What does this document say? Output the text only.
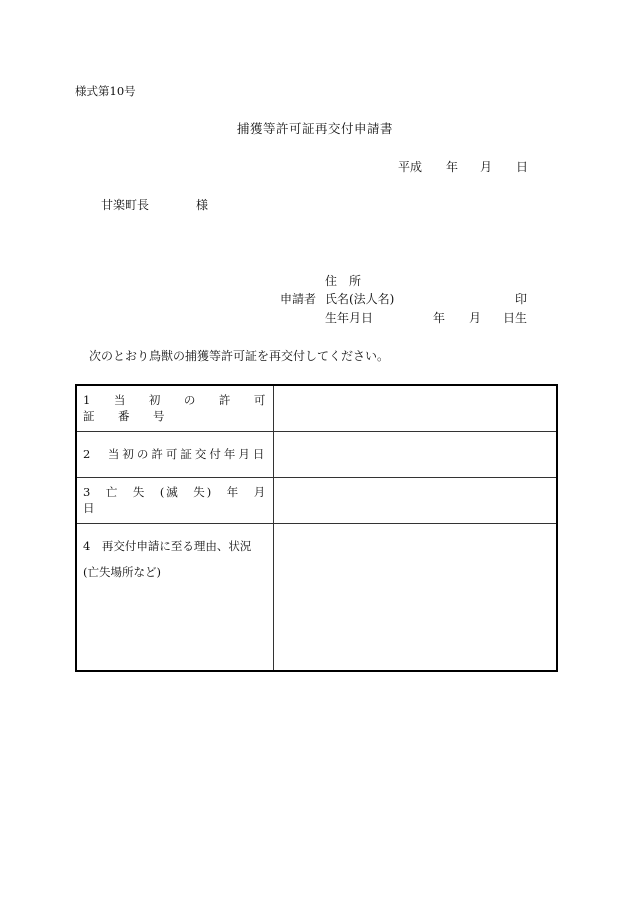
様式第10号
捕獲等許可証再交付申請書
平成 年 月 日
甘楽町長	様
住　所
申請者 氏名(法人名)	印
生年月日	年 月 日生
次のとおり鳥獣の捕獲等許可証を再交付してください。
1　当　初　の　許　可　証　番　号	
2　当初の許可証交付年月日	
3　亡　失　(滅　失)　年　月　日	
4　再交付申請に至る理由、状況
(亡失場所など)	
